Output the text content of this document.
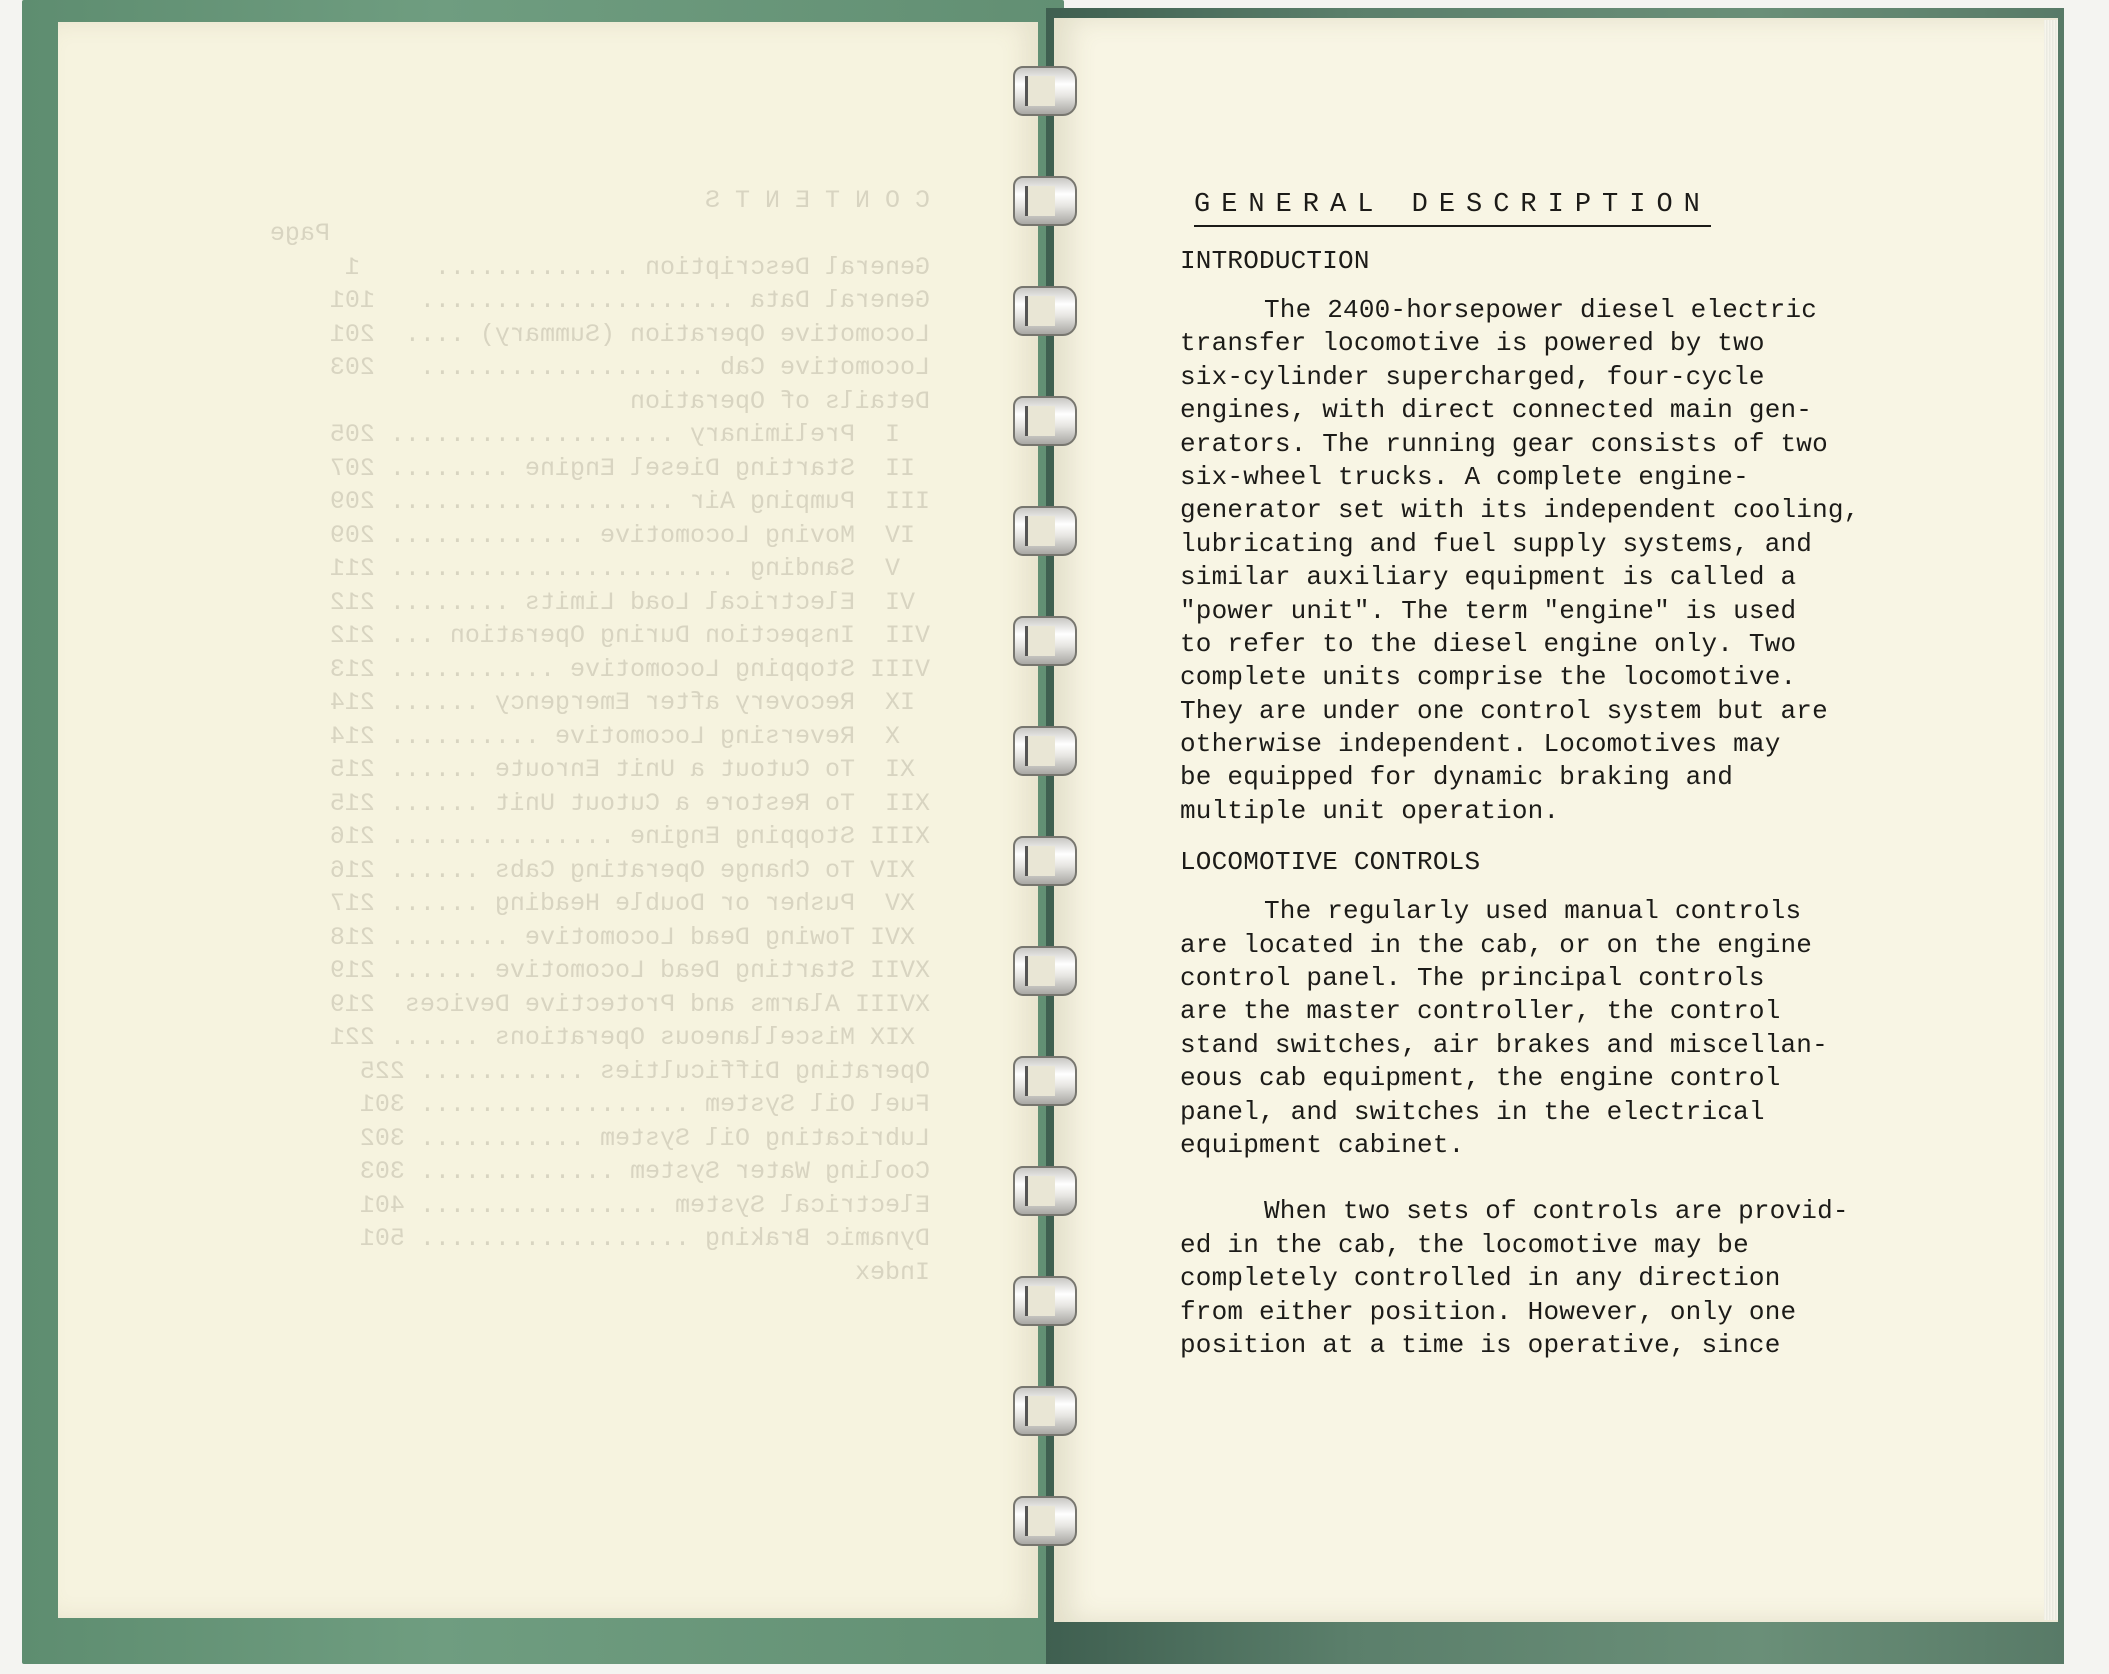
C O N T E N T S
Page
General Description .............     1
General Data .....................   101
Locomotive Operation (Summary) ....  201
Locomotive Cab ...................   203
Details of Operation
I  Preliminary ................... 205
II  Starting Diesel Engine ........ 207
III  Pumping Air ................... 209
IV  Moving Locomotive ............. 209
V  Sanding ....................... 211
VI  Electrical Load Limits ........ 212
VII  Inspection During Operation ... 212
VIII Stopping Locomotive ........... 213
IX  Recovery after Emergency ...... 214
X  Reversing Locomotive .......... 214
XI  To Cutout a Unit Enroute ...... 215
XII  To Restore a Cutout Unit ...... 215
XIII Stopping Engine ............... 216
XIV To Change Operating Cabs ...... 216
XV  Pusher or Double Heading ...... 217
XVI Towing Dead Locomotive ........ 218
XVII Starting Dead Locomotive ...... 219
XVIII Alarms and Protective Devices  219
XIX Miscellaneous Operations ...... 221
Operating Difficulties ........... 225
Fuel Oil System .................. 301
Lubricating Oil System ........... 302
Cooling Water System ............. 303
Electrical System ................ 401
Dynamic Braking .................. 501
Index

GENERAL DESCRIPTION
INTRODUCTION
The 2400-horsepower diesel electric
transfer locomotive is powered by two
six-cylinder supercharged, four-cycle
engines, with direct connected main gen-
erators. The running gear consists of two
six-wheel trucks. A complete engine-
generator set with its independent cooling,
lubricating and fuel supply systems, and
similar auxiliary equipment is called a
"power unit". The term "engine" is used
to refer to the diesel engine only. Two
complete units comprise the locomotive.
They are under one control system but are
otherwise independent. Locomotives may
be equipped for dynamic braking and
multiple unit operation.
LOCOMOTIVE CONTROLS
The regularly used manual controls
are located in the cab, or on the engine
control panel. The principal controls
are the master controller, the control
stand switches, air brakes and miscellan-
eous cab equipment, the engine control
panel, and switches in the electrical
equipment cabinet.
When two sets of controls are provid-
ed in the cab, the locomotive may be
completely controlled in any direction
from either position. However, only one
position at a time is operative, since
